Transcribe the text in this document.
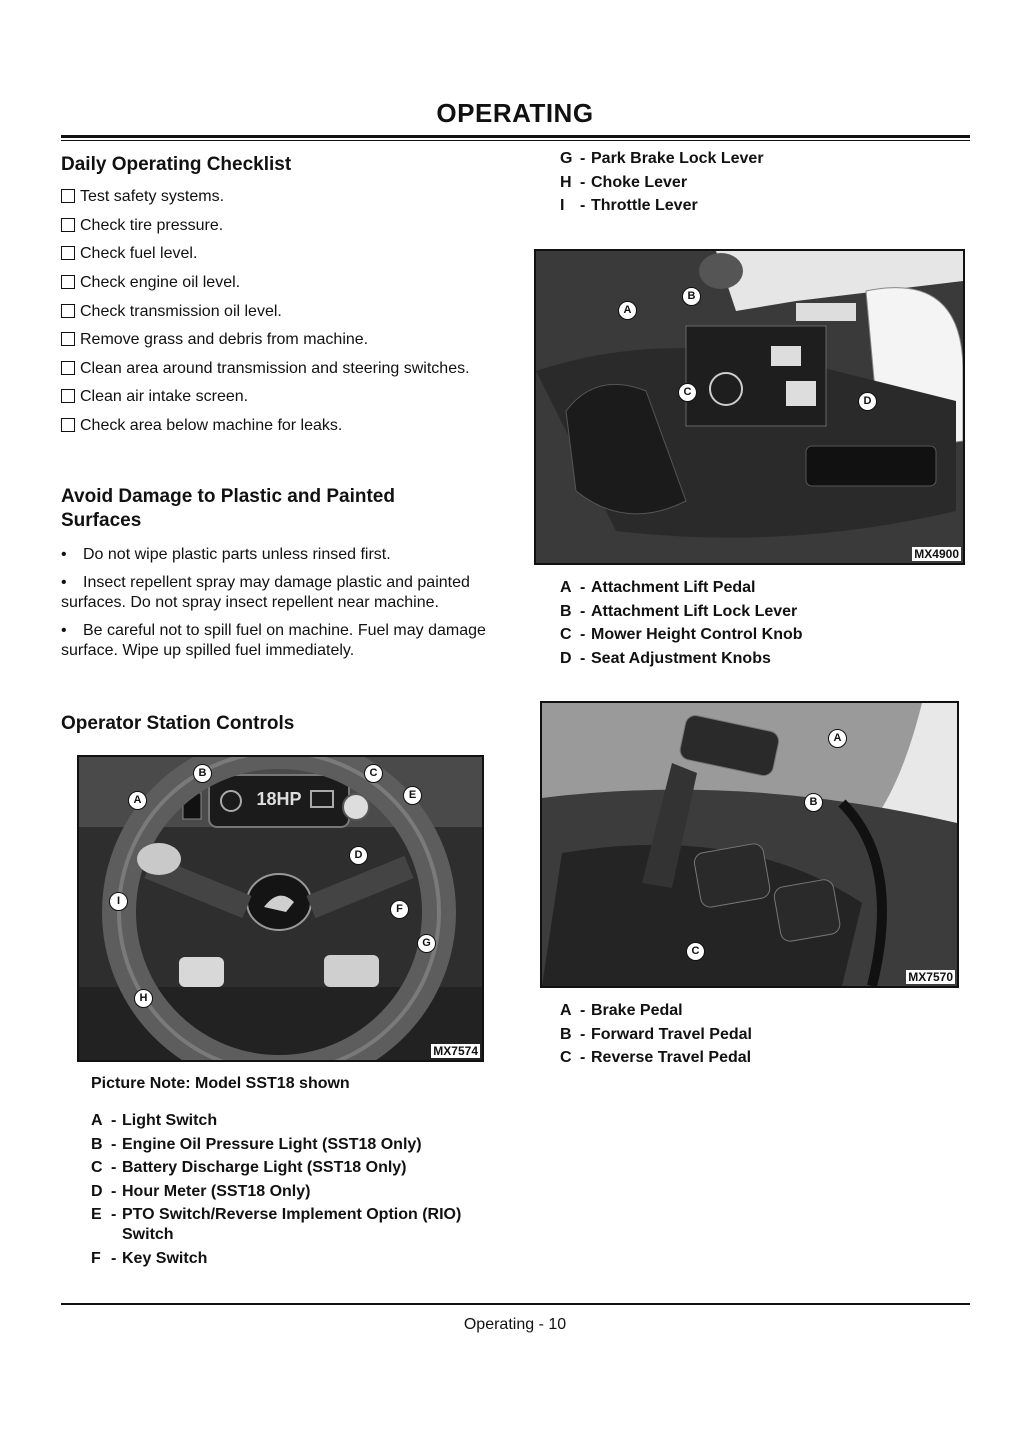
OPERATING
Daily Operating Checklist
Test safety systems.
Check tire pressure.
Check fuel level.
Check engine oil level.
Check transmission oil level.
Remove grass and debris from machine.
Clean area around transmission and steering switches.
Clean air intake screen.
Check area below machine for leaks.
Avoid Damage to Plastic and Painted Surfaces
• Do not wipe plastic parts unless rinsed first.
• Insect repellent spray may damage plastic and painted surfaces. Do not spray insect repellent near machine.
• Be careful not to spill fuel on machine. Fuel may damage surface. Wipe up spilled fuel immediately.
Operator Station Controls
18HP
A
B	C
D
E
F
G
H
I
MX7574
Picture Note: Model SST18 shown
A - Light Switch
B - Engine Oil Pressure Light (SST18 Only)
C - Battery Discharge Light (SST18 Only)
D - Hour Meter (SST18 Only)
E - PTO Switch/Reverse Implement Option (RIO) Switch
F - Key Switch
G - Park Brake Lock Lever
H - Choke Lever
I - Throttle Lever
A
B
C
D
MX4900
A - Attachment Lift Pedal
B - Attachment Lift Lock Lever
C - Mower Height Control Knob
D - Seat Adjustment Knobs
A
B
C
MX7570
A - Brake Pedal
B - Forward Travel Pedal
C - Reverse Travel Pedal
Operating - 10
